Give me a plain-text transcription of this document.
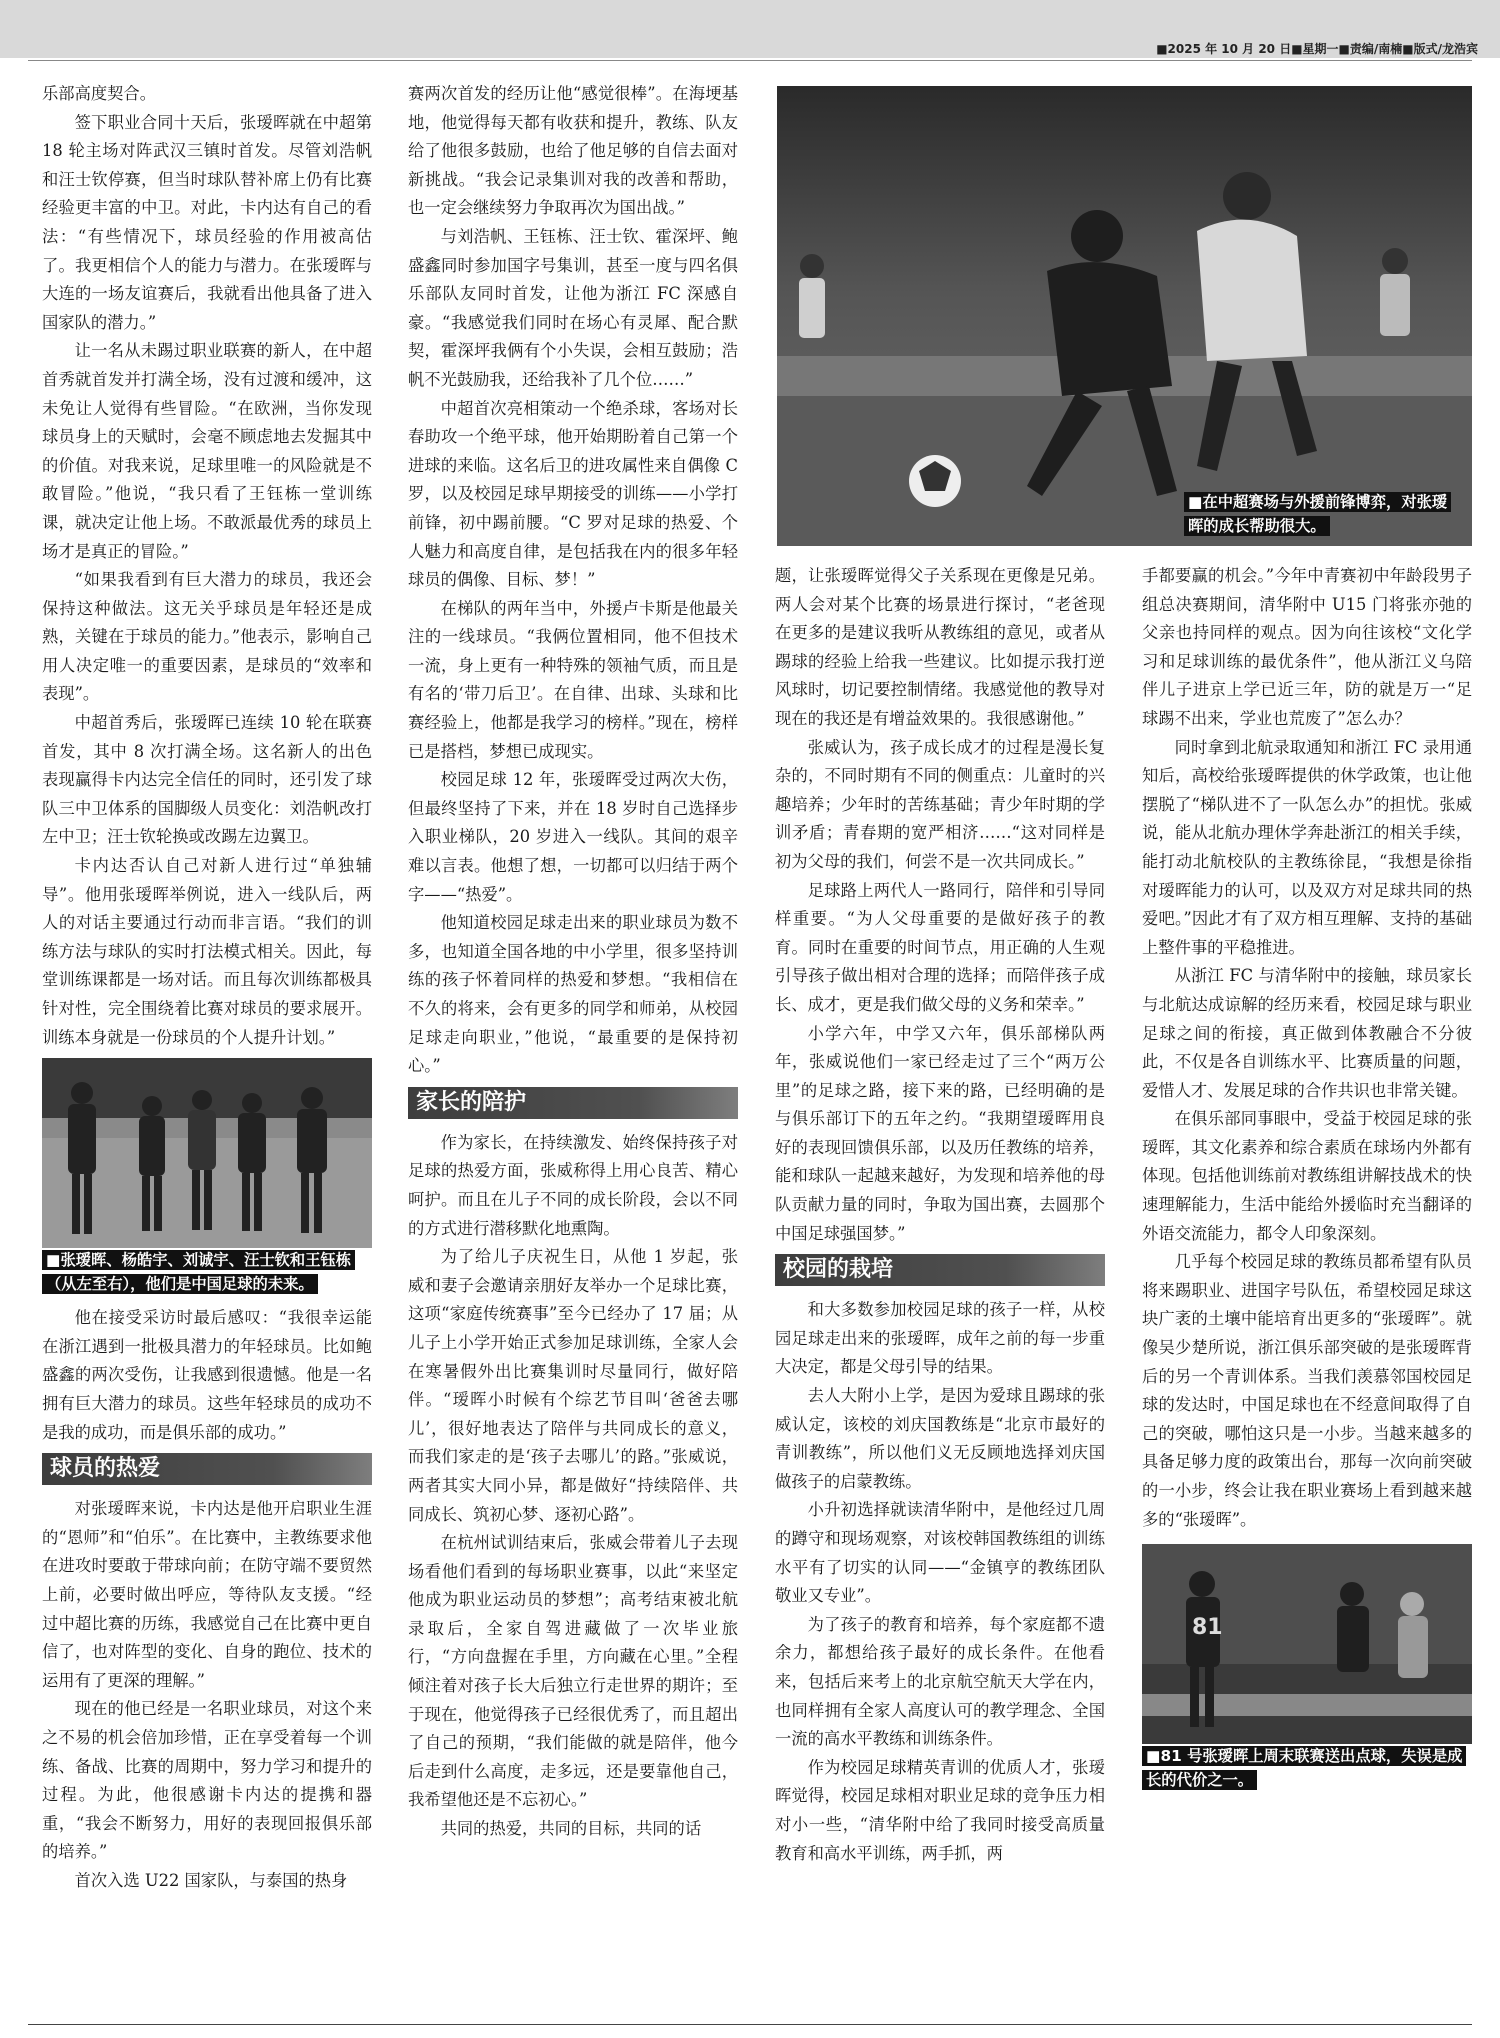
■2025 年 10 月 20 日■星期一■责编/南楠■版式/龙浩宾

乐部高度契合。

签下职业合同十天后，张瑷晖就在中超第 18 轮主场对阵武汉三镇时首发。尽管刘浩帆和汪士钦停赛，但当时球队替补席上仍有比赛经验更丰富的中卫。对此，卡内达有自己的看法：“有些情况下，球员经验的作用被高估了。我更相信个人的能力与潜力。在张瑷晖与大连的一场友谊赛后，我就看出他具备了进入国家队的潜力。”

让一名从未踢过职业联赛的新人，在中超首秀就首发并打满全场，没有过渡和缓冲，这未免让人觉得有些冒险。“在欧洲，当你发现球员身上的天赋时，会毫不顾虑地去发掘其中的价值。对我来说，足球里唯一的风险就是不敢冒险。”他说，“我只看了王钰栋一堂训练课，就决定让他上场。不敢派最优秀的球员上场才是真正的冒险。”

“如果我看到有巨大潜力的球员，我还会保持这种做法。这无关乎球员是年轻还是成熟，关键在于球员的能力。”他表示，影响自己用人决定唯一的重要因素，是球员的“效率和表现”。

中超首秀后，张瑷晖已连续 10 轮在联赛首发，其中 8 次打满全场。这名新人的出色表现赢得卡内达完全信任的同时，还引发了球队三中卫体系的国脚级人员变化：刘浩帆改打左中卫；汪士钦轮换或改踢左边翼卫。

卡内达否认自己对新人进行过“单独辅导”。他用张瑷晖举例说，进入一线队后，两人的对话主要通过行动而非言语。“我们的训练方法与球队的实时打法模式相关。因此，每堂训练课都是一场对话。而且每次训练都极具针对性，完全围绕着比赛对球员的要求展开。训练本身就是一份球员的个人提升计划。”

■张瑷晖、杨皓宇、刘诚宇、汪士钦和王钰栋（从左至右），他们是中国足球的未来。

他在接受采访时最后感叹：“我很幸运能在浙江遇到一批极具潜力的年轻球员。比如鲍盛鑫的两次受伤，让我感到很遗憾。他是一名拥有巨大潜力的球员。这些年轻球员的成功不是我的成功，而是俱乐部的成功。”

球员的热爱

对张瑷晖来说，卡内达是他开启职业生涯的“恩师”和“伯乐”。在比赛中，主教练要求他在进攻时要敢于带球向前；在防守端不要贸然上前，必要时做出呼应，等待队友支援。“经过中超比赛的历练，我感觉自己在比赛中更自信了，也对阵型的变化、自身的跑位、技术的运用有了更深的理解。”

现在的他已经是一名职业球员，对这个来之不易的机会倍加珍惜，正在享受着每一个训练、备战、比赛的周期中，努力学习和提升的过程。为此，他很感谢卡内达的提携和器重，“我会不断努力，用好的表现回报俱乐部的培养。”

首次入选 U22 国家队，与泰国的热身

赛两次首发的经历让他“感觉很棒”。在海埂基地，他觉得每天都有收获和提升，教练、队友给了他很多鼓励，也给了他足够的自信去面对新挑战。“我会记录集训对我的改善和帮助，也一定会继续努力争取再次为国出战。”

与刘浩帆、王钰栋、汪士钦、霍深坪、鲍盛鑫同时参加国字号集训，甚至一度与四名俱乐部队友同时首发，让他为浙江 FC 深感自豪。“我感觉我们同时在场心有灵犀、配合默契，霍深坪我俩有个小失误，会相互鼓励；浩帆不光鼓励我，还给我补了几个位……”

中超首次亮相策动一个绝杀球，客场对长春助攻一个绝平球，他开始期盼着自己第一个进球的来临。这名后卫的进攻属性来自偶像 C 罗，以及校园足球早期接受的训练——小学打前锋，初中踢前腰。“C 罗对足球的热爱、个人魅力和高度自律，是包括我在内的很多年轻球员的偶像、目标、梦！”

在梯队的两年当中，外援卢卡斯是他最关注的一线球员。“我俩位置相同，他不但技术一流，身上更有一种特殊的领袖气质，而且是有名的‘带刀后卫’。在自律、出球、头球和比赛经验上，他都是我学习的榜样。”现在，榜样已是搭档，梦想已成现实。

校园足球 12 年，张瑷晖受过两次大伤，但最终坚持了下来，并在 18 岁时自己选择步入职业梯队，20 岁进入一线队。其间的艰辛难以言表。他想了想，一切都可以归结于两个字——“热爱”。

他知道校园足球走出来的职业球员为数不多，也知道全国各地的中小学里，很多坚持训练的孩子怀着同样的热爱和梦想。“我相信在不久的将来，会有更多的同学和师弟，从校园足球走向职业，”他说，“最重要的是保持初心。”

家长的陪护

作为家长，在持续激发、始终保持孩子对足球的热爱方面，张威称得上用心良苦、精心呵护。而且在儿子不同的成长阶段，会以不同的方式进行潜移默化地熏陶。

为了给儿子庆祝生日，从他 1 岁起，张威和妻子会邀请亲朋好友举办一个足球比赛，这项“家庭传统赛事”至今已经办了 17 届；从儿子上小学开始正式参加足球训练，全家人会在寒暑假外出比赛集训时尽量同行，做好陪伴。“瑷晖小时候有个综艺节目叫‘爸爸去哪儿’，很好地表达了陪伴与共同成长的意义，而我们家走的是‘孩子去哪儿’的路。”张威说，两者其实大同小异，都是做好“持续陪伴、共同成长、筑初心梦、逐初心路”。

在杭州试训结束后，张威会带着儿子去现场看他们看到的每场职业赛事，以此“来坚定他成为职业运动员的梦想”；高考结束被北航录取后，全家自驾进藏做了一次毕业旅行，“方向盘握在手里，方向藏在心里。”全程倾注着对孩子长大后独立行走世界的期许；至于现在，他觉得孩子已经很优秀了，而且超出了自己的预期，“我们能做的就是陪伴，他今后走到什么高度，走多远，还是要靠他自己，我希望他还是不忘初心。”

共同的热爱，共同的目标，共同的话

■在中超赛场与外援前锋博弈，对张瑷晖的成长帮助很大。

题，让张瑷晖觉得父子关系现在更像是兄弟。两人会对某个比赛的场景进行探讨，“老爸现在更多的是建议我听从教练组的意见，或者从踢球的经验上给我一些建议。比如提示我打逆风球时，切记要控制情绪。我感觉他的教导对现在的我还是有增益效果的。我很感谢他。”

张威认为，孩子成长成才的过程是漫长复杂的，不同时期有不同的侧重点：儿童时的兴趣培养；少年时的苦练基础；青少年时期的学训矛盾；青春期的宽严相济……“这对同样是初为父母的我们，何尝不是一次共同成长。”

足球路上两代人一路同行，陪伴和引导同样重要。“为人父母重要的是做好孩子的教育。同时在重要的时间节点，用正确的人生观引导孩子做出相对合理的选择；而陪伴孩子成长、成才，更是我们做父母的义务和荣幸。”

小学六年，中学又六年，俱乐部梯队两年，张威说他们一家已经走过了三个“两万公里”的足球之路，接下来的路，已经明确的是与俱乐部订下的五年之约。“我期望瑷晖用良好的表现回馈俱乐部，以及历任教练的培养，能和球队一起越来越好，为发现和培养他的母队贡献力量的同时，争取为国出赛，去圆那个中国足球强国梦。”

校园的栽培

和大多数参加校园足球的孩子一样，从校园足球走出来的张瑷晖，成年之前的每一步重大决定，都是父母引导的结果。

去人大附小上学，是因为爱球且踢球的张威认定，该校的刘庆国教练是“北京市最好的青训教练”，所以他们义无反顾地选择刘庆国做孩子的启蒙教练。

小升初选择就读清华附中，是他经过几周的蹲守和现场观察，对该校韩国教练组的训练水平有了切实的认同——“金镇亨的教练团队敬业又专业”。

为了孩子的教育和培养，每个家庭都不遗余力，都想给孩子最好的成长条件。在他看来，包括后来考上的北京航空航天大学在内，也同样拥有全家人高度认可的教学理念、全国一流的高水平教练和训练条件。

作为校园足球精英青训的优质人才，张瑷晖觉得，校园足球相对职业足球的竞争压力相对小一些，“清华附中给了我同时接受高质量教育和高水平训练，两手抓，两

手都要赢的机会。”今年中青赛初中年龄段男子组总决赛期间，清华附中 U15 门将张亦弛的父亲也持同样的观点。因为向往该校“文化学习和足球训练的最优条件”，他从浙江义乌陪伴儿子进京上学已近三年，防的就是万一“足球踢不出来，学业也荒废了”怎么办？

同时拿到北航录取通知和浙江 FC 录用通知后，高校给张瑷晖提供的休学政策，也让他摆脱了“梯队进不了一队怎么办”的担忧。张威说，能从北航办理休学奔赴浙江的相关手续，能打动北航校队的主教练徐昆，“我想是徐指对瑷晖能力的认可，以及双方对足球共同的热爱吧。”因此才有了双方相互理解、支持的基础上整件事的平稳推进。

从浙江 FC 与清华附中的接触，球员家长与北航达成谅解的经历来看，校园足球与职业足球之间的衔接，真正做到体教融合不分彼此，不仅是各自训练水平、比赛质量的问题，爱惜人才、发展足球的合作共识也非常关键。

在俱乐部同事眼中，受益于校园足球的张瑷晖，其文化素养和综合素质在球场内外都有体现。包括他训练前对教练组讲解技战术的快速理解能力，生活中能给外援临时充当翻译的外语交流能力，都令人印象深刻。

几乎每个校园足球的教练员都希望有队员将来踢职业、进国字号队伍，希望校园足球这块广袤的土壤中能培育出更多的“张瑷晖”。就像吴少楚所说，浙江俱乐部突破的是张瑷晖背后的另一个青训体系。当我们羡慕邻国校园足球的发达时，中国足球也在不经意间取得了自己的突破，哪怕这只是一小步。当越来越多的具备足够力度的政策出台，那每一次向前突破的一小步，终会让我在职业赛场上看到越来越多的“张瑷晖”。

81
■81 号张瑷晖上周末联赛送出点球，失误是成长的代价之一。
